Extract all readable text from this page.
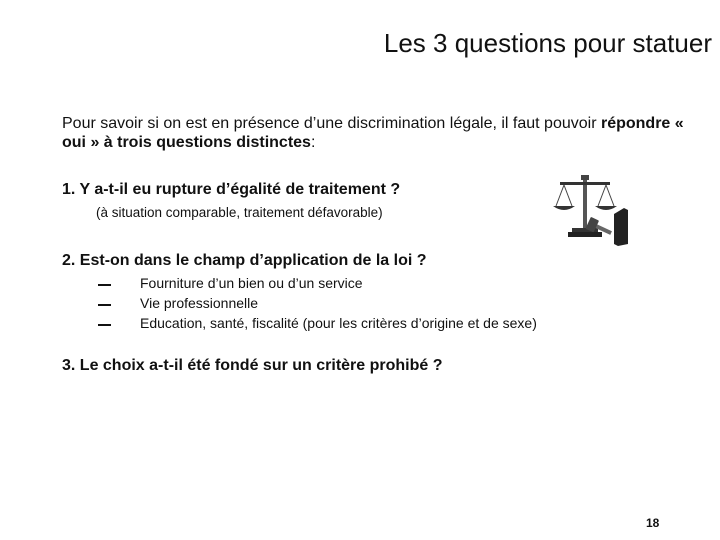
Les 3 questions pour statuer
Pour savoir si on est en présence d’une discrimination légale, il faut pouvoir répondre « oui » à trois questions distinctes:
1. Y a-t-il eu rupture d’égalité de traitement ?
(à situation comparable, traitement défavorable)
2. Est-on dans le champ d’application de la loi ?
Fourniture d’un bien ou d’un service
Vie professionnelle
Education, santé, fiscalité (pour les critères d’origine et de sexe)
3. Le choix a-t-il été fondé sur un critère prohibé ?
18
